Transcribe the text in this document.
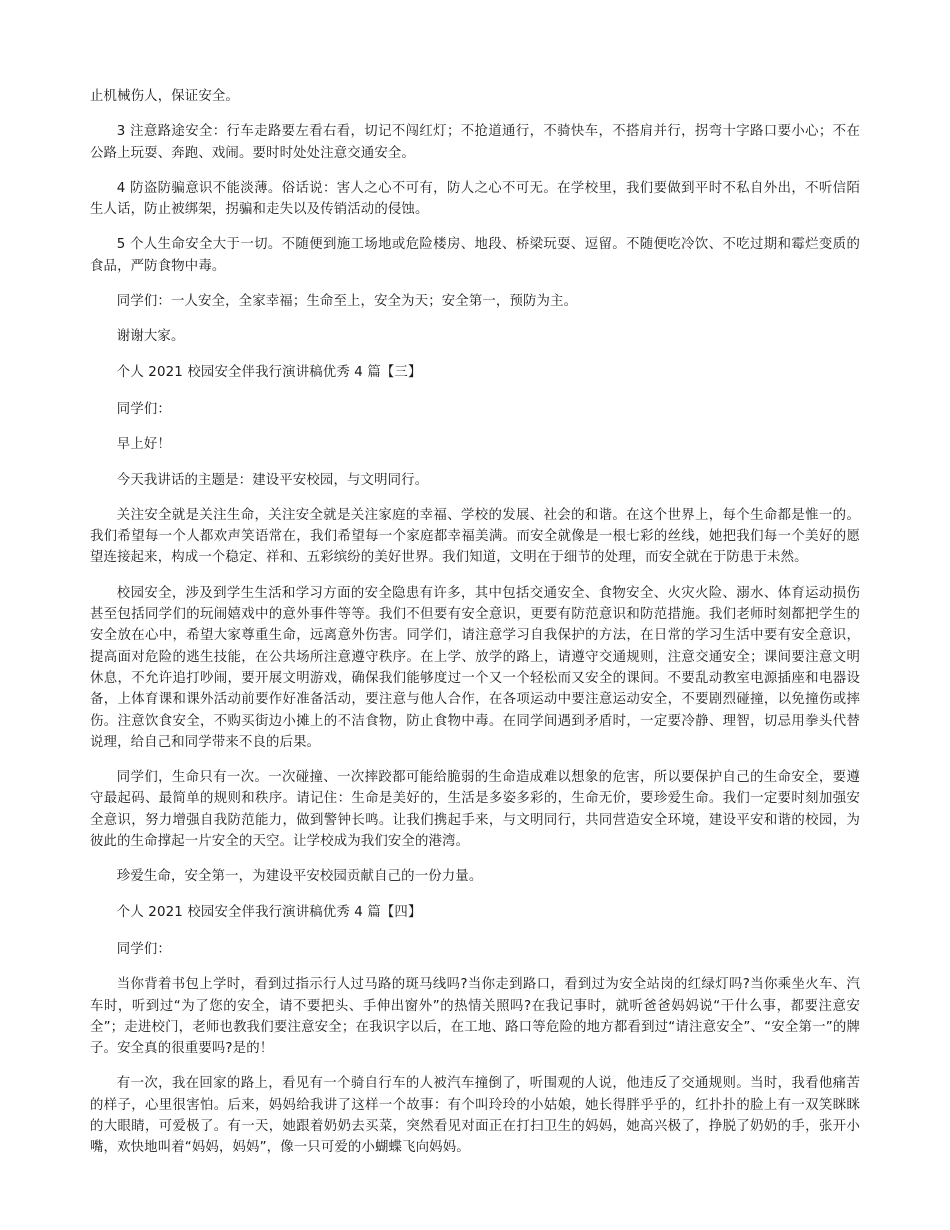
止机械伤人，保证安全。

3 注意路途安全：行车走路要左看右看，切记不闯红灯；不抢道通行，不骑快车，不搭肩并行，拐弯十字路口要小心；不在公路上玩耍、奔跑、戏闹。要时时处处注意交通安全。

4 防盗防骗意识不能淡薄。俗话说：害人之心不可有，防人之心不可无。在学校里，我们要做到平时不私自外出，不听信陌生人话，防止被绑架，拐骗和走失以及传销活动的侵蚀。

5 个人生命安全大于一切。不随便到施工场地或危险楼房、地段、桥梁玩耍、逗留。不随便吃冷饮、不吃过期和霉烂变质的食品，严防食物中毒。

同学们：一人安全，全家幸福；生命至上，安全为天；安全第一，预防为主。

谢谢大家。

个人 2021 校园安全伴我行演讲稿优秀 4 篇【三】

同学们：

早上好！

今天我讲话的主题是：建设平安校园，与文明同行。

关注安全就是关注生命，关注安全就是关注家庭的幸福、学校的发展、社会的和谐。在这个世界上，每个生命都是惟一的。我们希望每一个人都欢声笑语常在，我们希望每一个家庭都幸福美满。而安全就像是一根七彩的丝线，她把我们每一个美好的愿望连接起来，构成一个稳定、祥和、五彩缤纷的美好世界。我们知道，文明在于细节的处理，而安全就在于防患于未然。

校园安全，涉及到学生生活和学习方面的安全隐患有许多，其中包括交通安全、食物安全、火灾火险、溺水、体育运动损伤甚至包括同学们的玩闹嬉戏中的意外事件等等。我们不但要有安全意识，更要有防范意识和防范措施。我们老师时刻都把学生的安全放在心中，希望大家尊重生命，远离意外伤害。同学们，请注意学习自我保护的方法，在日常的学习生活中要有安全意识，提高面对危险的逃生技能，在公共场所注意遵守秩序。在上学、放学的路上，请遵守交通规则，注意交通安全；课间要注意文明休息，不允许追打吵闹，要开展文明游戏，确保我们能够度过一个又一个轻松而又安全的课间。不要乱动教室电源插座和电器设备，上体育课和课外活动前要作好准备活动，要注意与他人合作，在各项运动中要注意运动安全，不要剧烈碰撞，以免撞伤或摔伤。注意饮食安全，不购买街边小摊上的不洁食物，防止食物中毒。在同学间遇到矛盾时，一定要冷静、理智，切忌用拳头代替说理，给自己和同学带来不良的后果。

同学们，生命只有一次。一次碰撞、一次摔跤都可能给脆弱的生命造成难以想象的危害，所以要保护自己的生命安全，要遵守最起码、最简单的规则和秩序。请记住：生命是美好的，生活是多姿多彩的，生命无价，要珍爱生命。我们一定要时刻加强安全意识，努力增强自我防范能力，做到警钟长鸣。让我们携起手来，与文明同行，共同营造安全环境，建设平安和谐的校园，为彼此的生命撑起一片安全的天空。让学校成为我们安全的港湾。

珍爱生命，安全第一，为建设平安校园贡献自己的一份力量。

个人 2021 校园安全伴我行演讲稿优秀 4 篇【四】

同学们：

当你背着书包上学时，看到过指示行人过马路的斑马线吗?当你走到路口，看到过为安全站岗的红绿灯吗?当你乘坐火车、汽车时，听到过“为了您的安全，请不要把头、手伸出窗外”的热情关照吗?在我记事时，就听爸爸妈妈说“干什么事，都要注意安全”；走进校门，老师也教我们要注意安全；在我识字以后，在工地、路口等危险的地方都看到过“请注意安全”、“安全第一”的牌子。安全真的很重要吗?是的！

有一次，我在回家的路上，看见有一个骑自行车的人被汽车撞倒了，听围观的人说，他违反了交通规则。当时，我看他痛苦的样子，心里很害怕。后来，妈妈给我讲了这样一个故事：有个叫玲玲的小姑娘，她长得胖乎乎的，红扑扑的脸上有一双笑眯眯的大眼睛，可爱极了。有一天，她跟着奶奶去买菜，突然看见对面正在打扫卫生的妈妈，她高兴极了，挣脱了奶奶的手，张开小嘴，欢快地叫着“妈妈，妈妈”，像一只可爱的小蝴蝶飞向妈妈。
